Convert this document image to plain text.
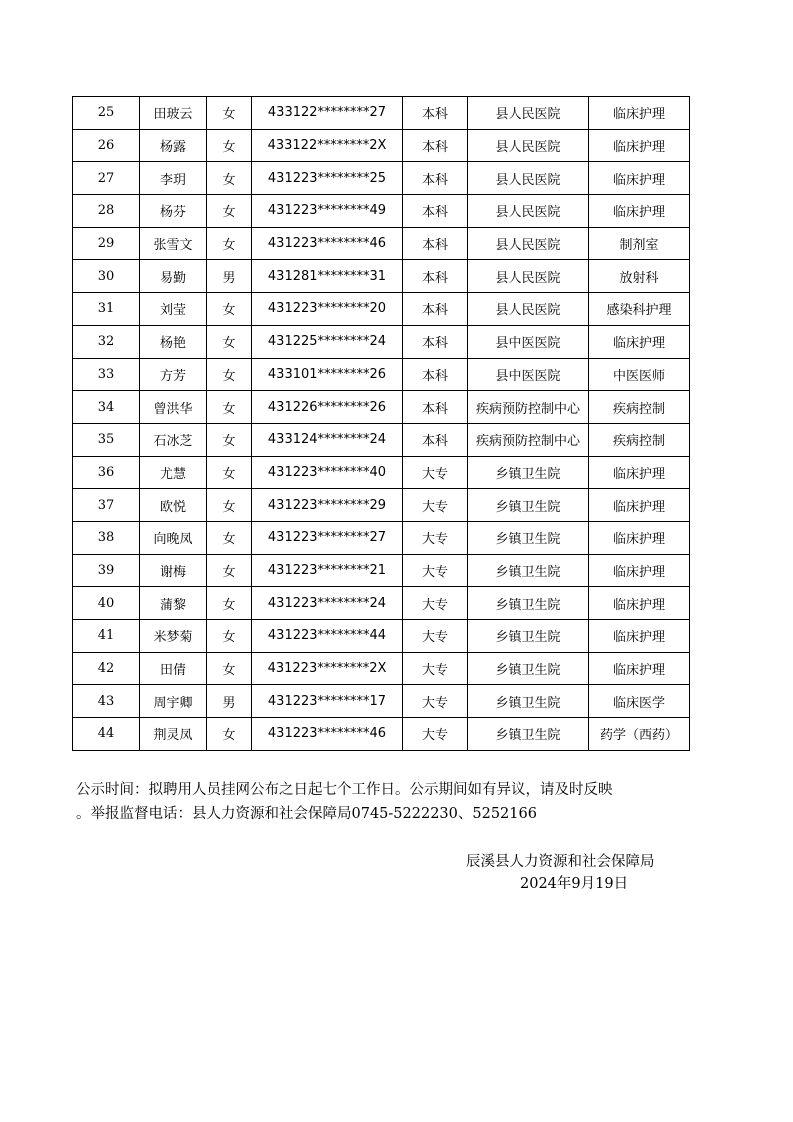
25	田玻云	女	433122********27	本科	县人民医院	临床护理
26	杨露	女	433122********2X	本科	县人民医院	临床护理
27	李玥	女	431223********25	本科	县人民医院	临床护理
28	杨芬	女	431223********49	本科	县人民医院	临床护理
29	张雪文	女	431223********46	本科	县人民医院	制剂室
30	易勤	男	431281********31	本科	县人民医院	放射科
31	刘莹	女	431223********20	本科	县人民医院	感染科护理
32	杨艳	女	431225********24	本科	县中医医院	临床护理
33	方芳	女	433101********26	本科	县中医医院	中医医师
34	曾洪华	女	431226********26	本科	疾病预防控制中心	疾病控制
35	石冰芝	女	433124********24	本科	疾病预防控制中心	疾病控制
36	尤慧	女	431223********40	大专	乡镇卫生院	临床护理
37	欧悦	女	431223********29	大专	乡镇卫生院	临床护理
38	向晚凤	女	431223********27	大专	乡镇卫生院	临床护理
39	谢梅	女	431223********21	大专	乡镇卫生院	临床护理
40	蒲黎	女	431223********24	大专	乡镇卫生院	临床护理
41	米梦菊	女	431223********44	大专	乡镇卫生院	临床护理
42	田倩	女	431223********2X	大专	乡镇卫生院	临床护理
43	周宇卿	男	431223********17	大专	乡镇卫生院	临床医学
44	荆灵凤	女	431223********46	大专	乡镇卫生院	药学（西药）

公示时间：拟聘用人员挂网公布之日起七个工作日。公示期间如有异议，请及时反映

。举报监督电话：县人力资源和社会保障局0745-5222230、5252166

辰溪县人力资源和社会保障局
2024年9月19日
